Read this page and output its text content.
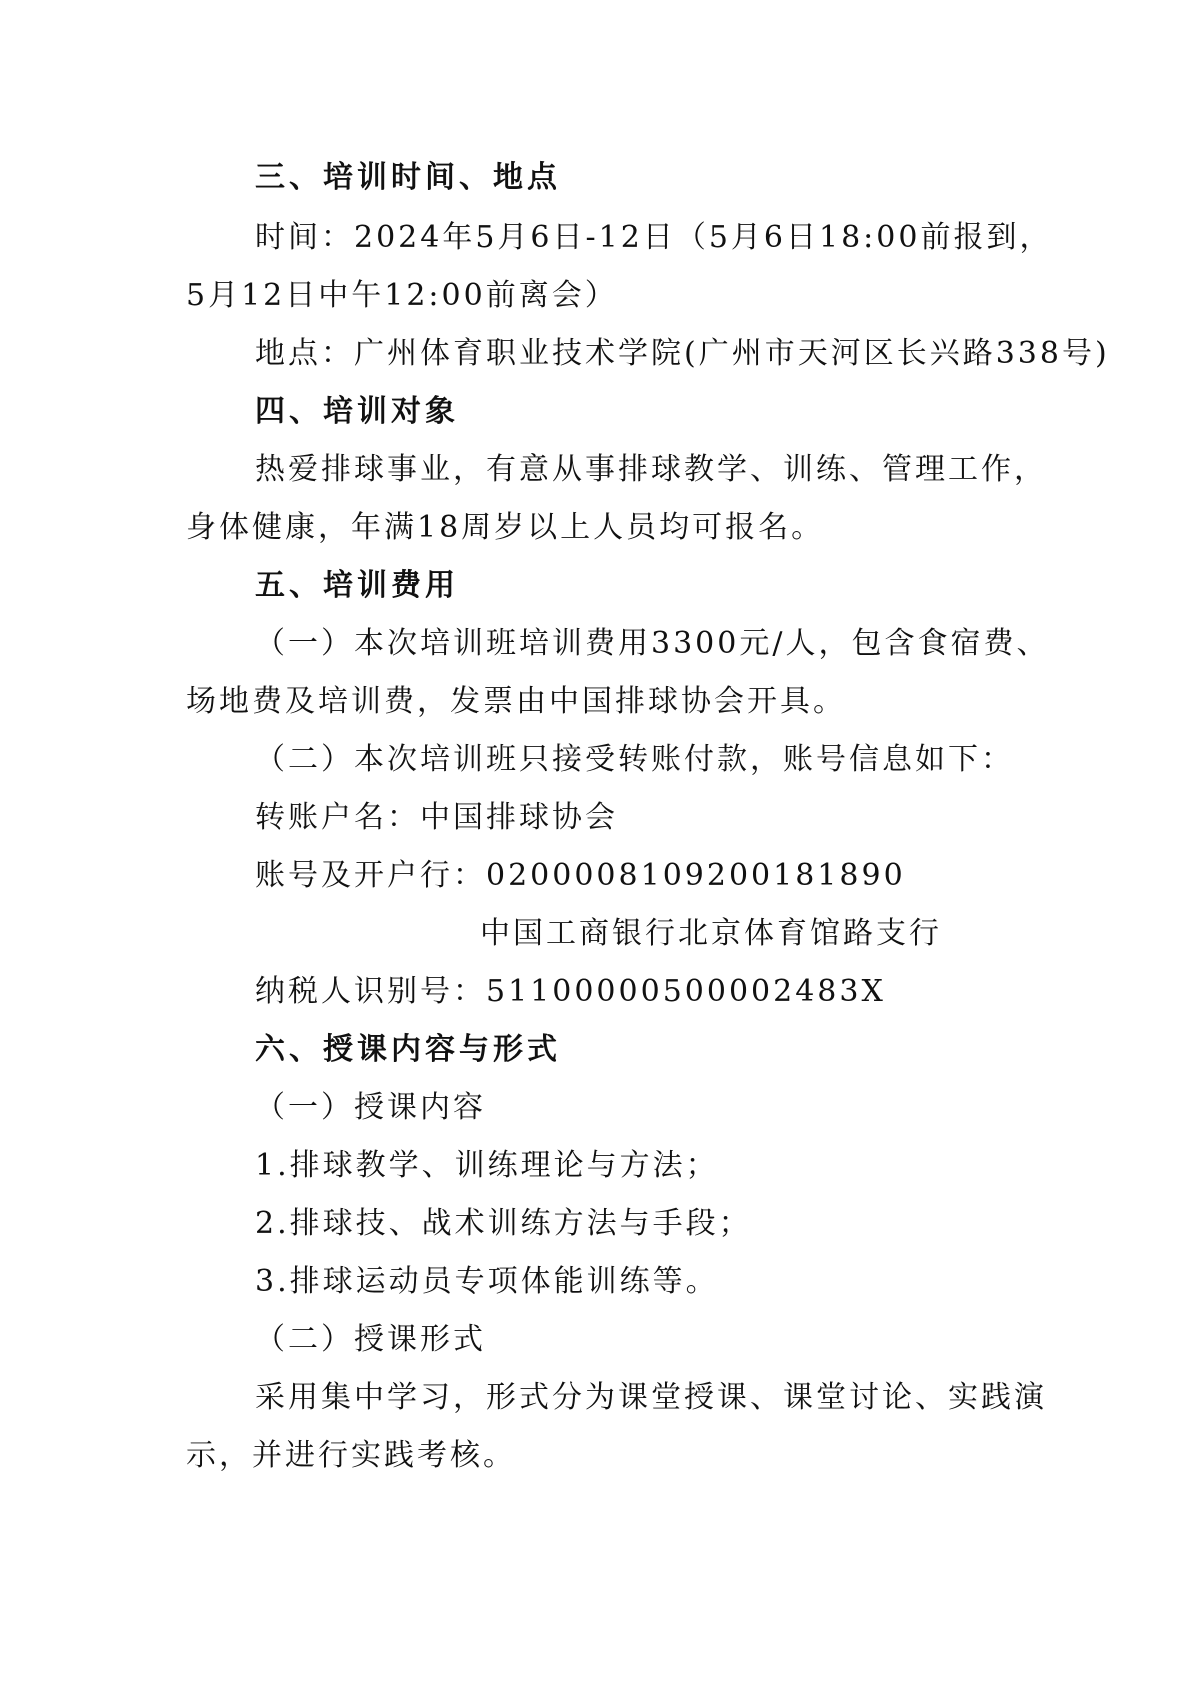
三、培训时间、地点
时间：2024年5月6日-12日（5月6日18:00前报到，
5月12日中午12:00前离会）
地点：广州体育职业技术学院(广州市天河区长兴路338号)
四、培训对象
热爱排球事业，有意从事排球教学、训练、管理工作，
身体健康，年满18周岁以上人员均可报名。
五、培训费用
（一）本次培训班培训费用3300元/人，包含食宿费、
场地费及培训费，发票由中国排球协会开具。
（二）本次培训班只接受转账付款，账号信息如下：
转账户名：中国排球协会
账号及开户行：0200008109200181890
中国工商银行北京体育馆路支行
纳税人识别号：51100000500002483X
六、授课内容与形式
（一）授课内容
1.排球教学、训练理论与方法；
2.排球技、战术训练方法与手段；
3.排球运动员专项体能训练等。
（二）授课形式
采用集中学习，形式分为课堂授课、课堂讨论、实践演
示，并进行实践考核。
